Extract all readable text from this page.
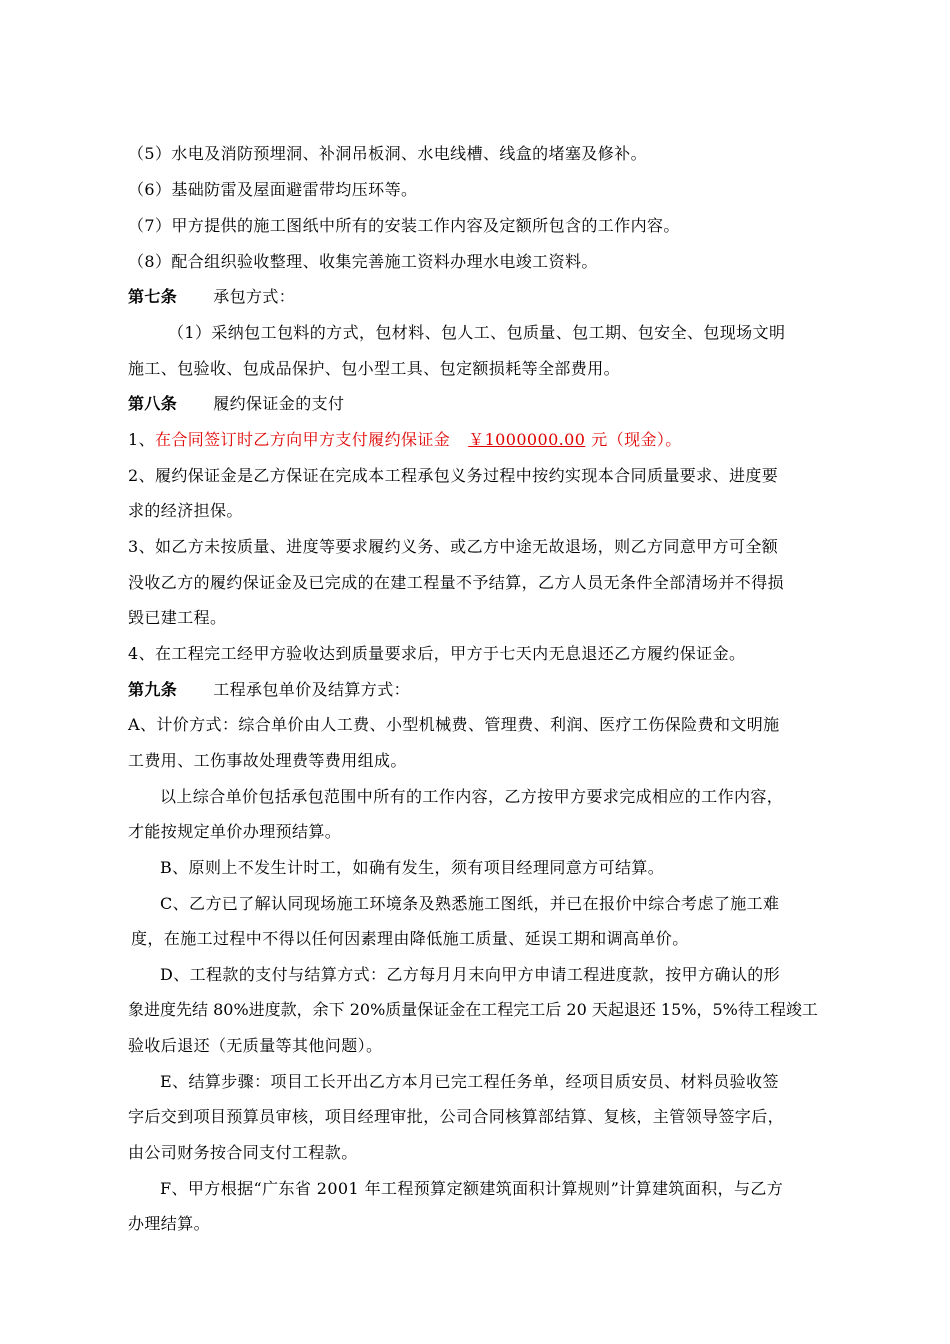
（5）水电及消防预埋洞、补洞吊板洞、水电线槽、线盒的堵塞及修补。
（6）基础防雷及屋面避雷带均压环等。
（7）甲方提供的施工图纸中所有的安装工作内容及定额所包含的工作内容。
（8）配合组织验收整理、收集完善施工资料办理水电竣工资料。
第七条 承包方式：
（1）采纳包工包料的方式，包材料、包人工、包质量、包工期、包安全、包现场文明
施工、包验收、包成品保护、包小型工具、包定额损耗等全部费用。
第八条 履约保证金的支付
1、在合同签订时乙方向甲方支付履约保证金 ￥1000000.00 元（现金）。
2、履约保证金是乙方保证在完成本工程承包义务过程中按约实现本合同质量要求、进度要
求的经济担保。
3、如乙方未按质量、进度等要求履约义务、或乙方中途无故退场，则乙方同意甲方可全额
没收乙方的履约保证金及已完成的在建工程量不予结算，乙方人员无条件全部清场并不得损
毁已建工程。
4、在工程完工经甲方验收达到质量要求后，甲方于七天内无息退还乙方履约保证金。
第九条 工程承包单价及结算方式：
A、计价方式：综合单价由人工费、小型机械费、管理费、利润、医疗工伤保险费和文明施
工费用、工伤事故处理费等费用组成。
以上综合单价包括承包范围中所有的工作内容，乙方按甲方要求完成相应的工作内容，
才能按规定单价办理预结算。
B、原则上不发生计时工，如确有发生，须有项目经理同意方可结算。
C、乙方已了解认同现场施工环境条及熟悉施工图纸，并已在报价中综合考虑了施工难
度，在施工过程中不得以任何因素理由降低施工质量、延误工期和调高单价。
D、工程款的支付与结算方式：乙方每月月末向甲方申请工程进度款，按甲方确认的形
象进度先结 80%进度款，余下 20%质量保证金在工程完工后 20 天起退还 15%，5%待工程竣工
验收后退还（无质量等其他问题）。
E、结算步骤：项目工长开出乙方本月已完工程任务单，经项目质安员、材料员验收签
字后交到项目预算员审核，项目经理审批，公司合同核算部结算、复核，主管领导签字后，
由公司财务按合同支付工程款。
F、甲方根据“广东省 2001 年工程预算定额建筑面积计算规则”计算建筑面积，与乙方
办理结算。
